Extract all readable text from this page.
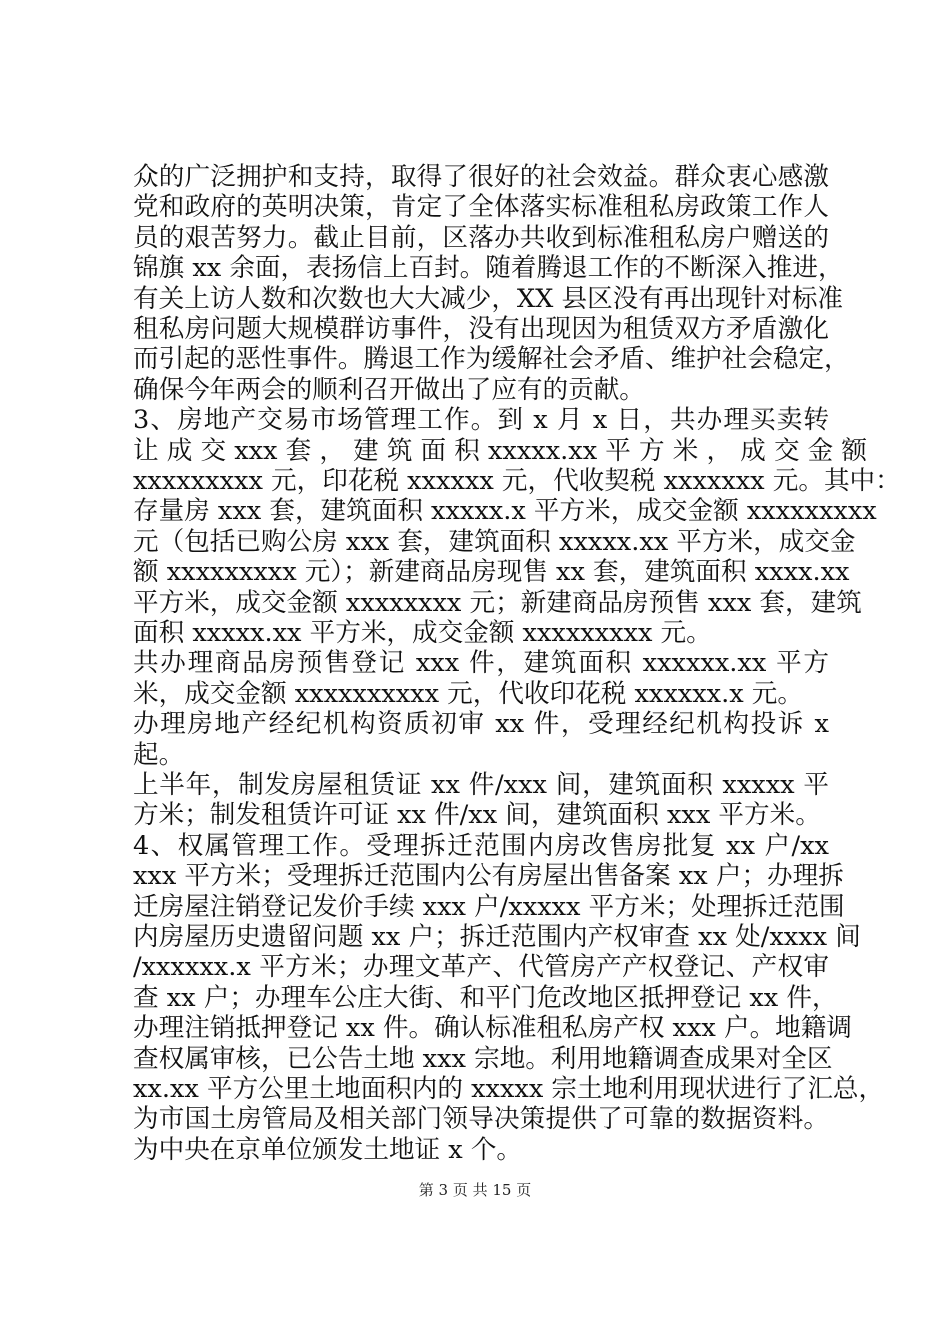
众的广泛拥护和支持，取得了很好的社会效益。群众衷心感激
党和政府的英明决策，肯定了全体落实标准租私房政策工作人
员的艰苦努力。截止目前，区落办共收到标准租私房户赠送的
锦旗 xx 余面，表扬信上百封。随着腾退工作的不断深入推进，
有关上访人数和次数也大大减少，XX 县区没有再出现针对标准
租私房问题大规模群访事件，没有出现因为租赁双方矛盾激化
而引起的恶性事件。腾退工作为缓解社会矛盾、维护社会稳定，
确保今年两会的顺利召开做出了应有的贡献。
3、房地产交易市场管理工作。到 x 月 x 日，共办理买卖转
让 成 交 xxx 套 ， 建 筑 面 积 xxxxx.xx 平 方 米 ， 成 交 金 额
xxxxxxxxx 元，印花税 xxxxxx 元，代收契税 xxxxxxx 元。其中：
存量房 xxx 套，建筑面积 xxxxx.x 平方米，成交金额 xxxxxxxxx
元（包括已购公房 xxx 套，建筑面积 xxxxx.xx 平方米，成交金
额 xxxxxxxxx 元）；新建商品房现售 xx 套，建筑面积 xxxx.xx
平方米，成交金额 xxxxxxxx 元；新建商品房预售 xxx 套，建筑
面积 xxxxx.xx 平方米，成交金额 xxxxxxxxx 元。
共办理商品房预售登记 xxx 件，建筑面积 xxxxxx.xx 平方
米，成交金额 xxxxxxxxxx 元，代收印花税 xxxxxx.x 元。
办理房地产经纪机构资质初审 xx 件，受理经纪机构投诉 x
起。
上半年，制发房屋租赁证 xx 件/xxx 间，建筑面积 xxxxx 平
方米；制发租赁许可证 xx 件/xx 间，建筑面积 xxx 平方米。
4、权属管理工作。受理拆迁范围内房改售房批复 xx 户/xx
xxx 平方米；受理拆迁范围内公有房屋出售备案 xx 户；办理拆
迁房屋注销登记发价手续 xxx 户/xxxxx 平方米；处理拆迁范围
内房屋历史遗留问题 xx 户；拆迁范围内产权审查 xx 处/xxxx 间
/xxxxxx.x 平方米；办理文革产、代管房产产权登记、产权审
查 xx 户；办理车公庄大街、和平门危改地区抵押登记 xx 件，
办理注销抵押登记 xx 件。确认标准租私房产权 xxx 户。地籍调
查权属审核，已公告土地 xxx 宗地。利用地籍调查成果对全区
xx.xx 平方公里土地面积内的 xxxxx 宗土地利用现状进行了汇总，
为市国土房管局及相关部门领导决策提供了可靠的数据资料。
为中央在京单位颁发土地证 x 个。
第 3 页 共 15 页
